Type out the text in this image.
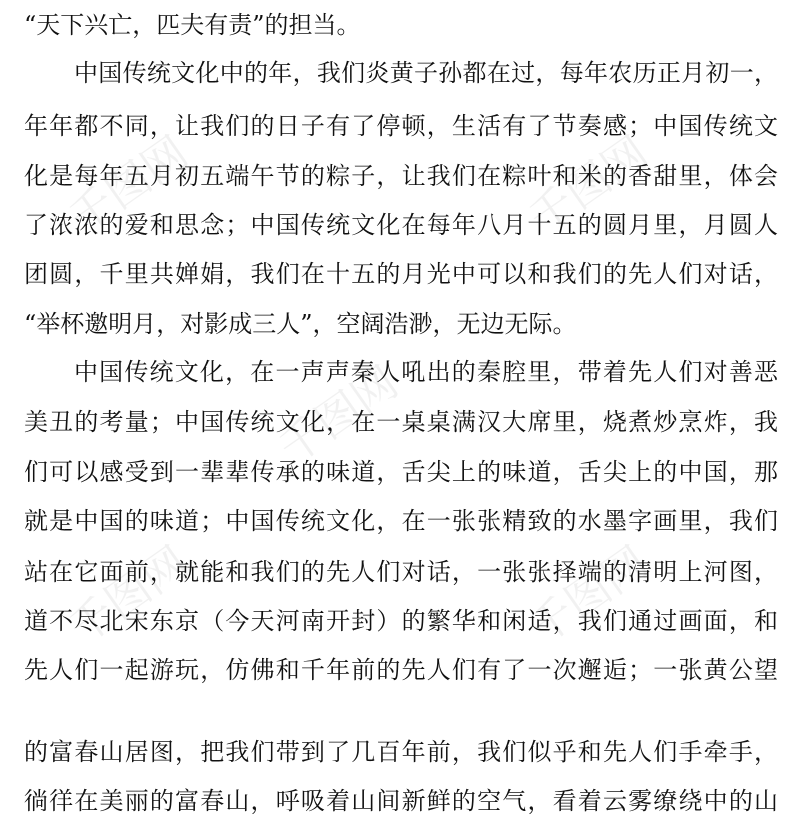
千图网	千图网
千图网	千图网
千图网
“天下兴亡，匹夫有责”的担当。
中国传统文化中的年，我们炎黄子孙都在过，每年农历正月初一，
年年都不同，让我们的日子有了停顿，生活有了节奏感；中国传统文
化是每年五月初五端午节的粽子，让我们在粽叶和米的香甜里，体会
了浓浓的爱和思念；中国传统文化在每年八月十五的圆月里，月圆人
团圆，千里共婵娟，我们在十五的月光中可以和我们的先人们对话，
“举杯邀明月，对影成三人”，空阔浩渺，无边无际。
中国传统文化，在一声声秦人吼出的秦腔里，带着先人们对善恶
美丑的考量；中国传统文化，在一桌桌满汉大席里，烧煮炒烹炸，我
们可以感受到一辈辈传承的味道，舌尖上的味道，舌尖上的中国，那
就是中国的味道；中国传统文化，在一张张精致的水墨字画里，我们
站在它面前，就能和我们的先人们对话，一张张择端的清明上河图，
道不尽北宋东京（今天河南开封）的繁华和闲适，我们通过画面，和
先人们一起游玩，仿佛和千年前的先人们有了一次邂逅；一张黄公望
的富春山居图，把我们带到了几百年前，我们似乎和先人们手牵手，
徜徉在美丽的富春山，呼吸着山间新鲜的空气，看着云雾缭绕中的山
